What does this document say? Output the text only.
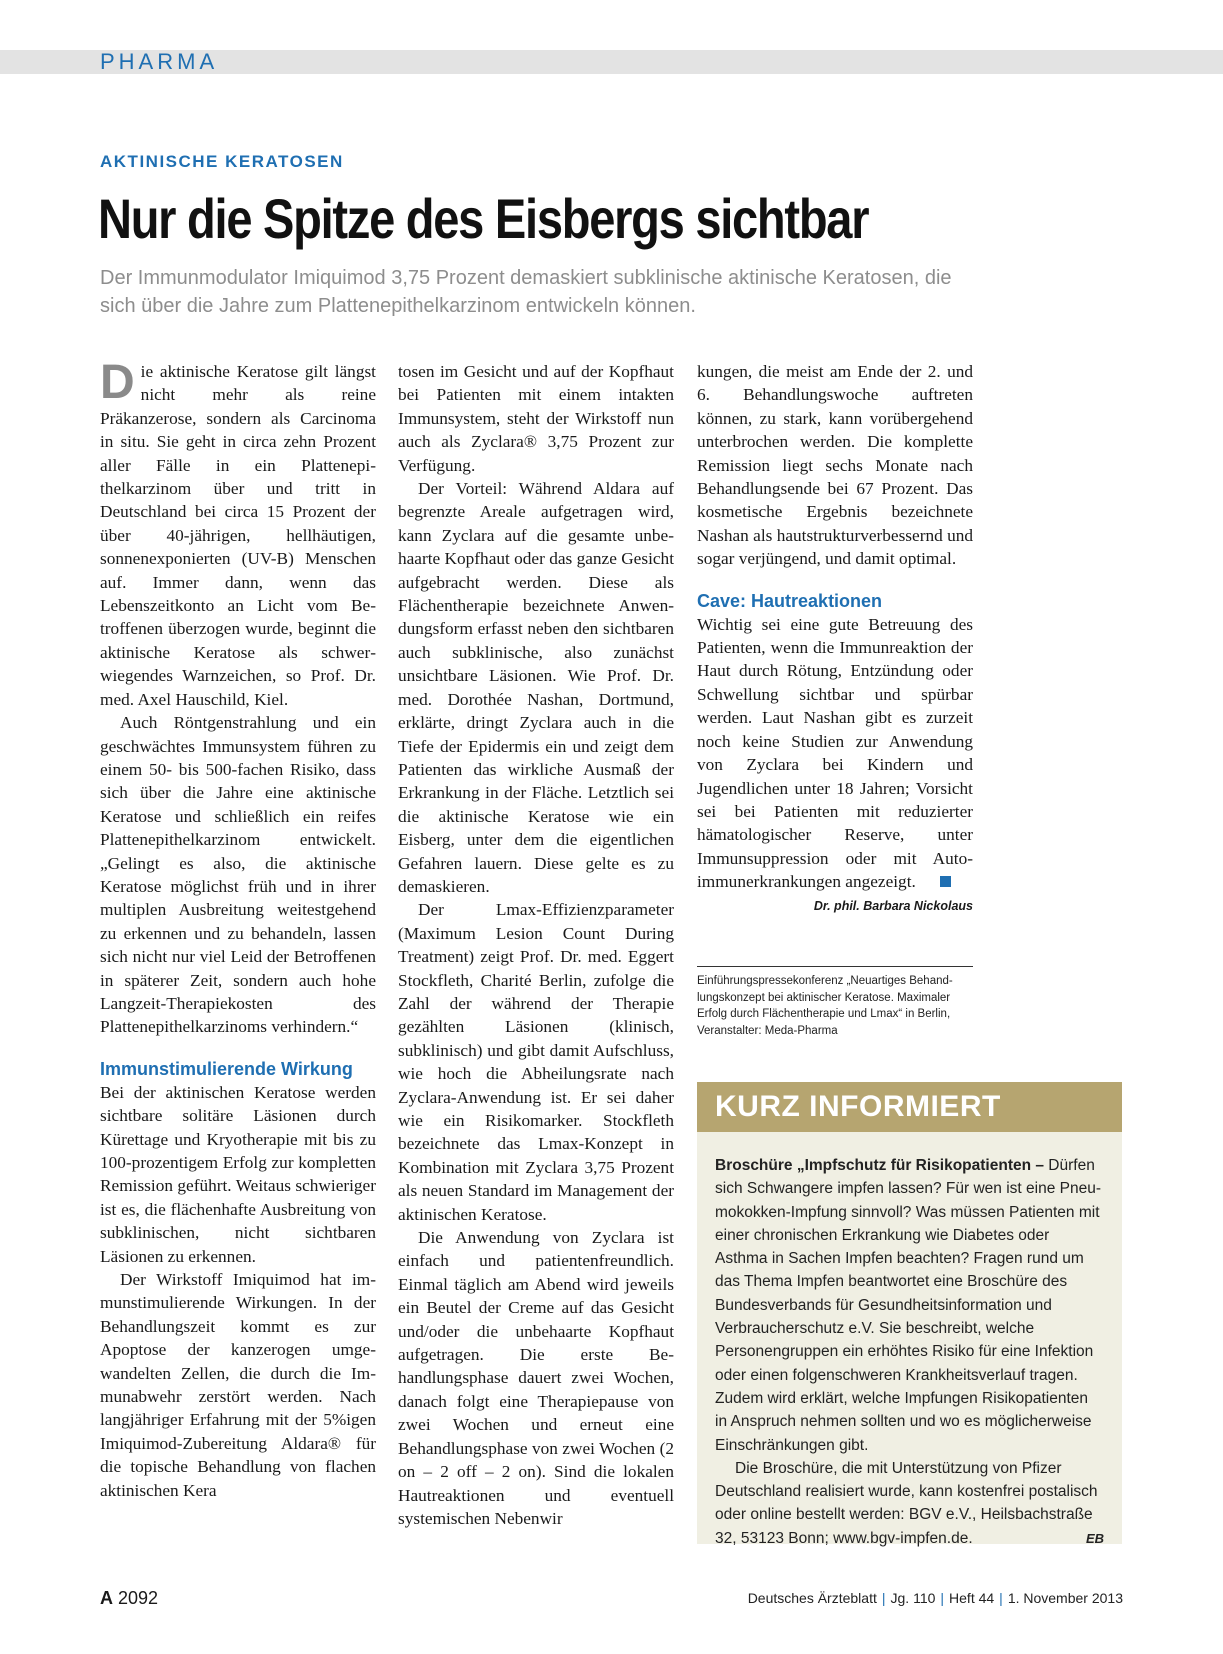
PHARMA
AKTINISCHE KERATOSEN
Nur die Spitze des Eisbergs sichtbar

Der Immunmodulator Imiquimod 3,75 Prozent demaskiert subklinische aktinische Keratosen, die sich über die Jahre zum Plattenepithelkarzinom entwickeln können.

Die aktinische Keratose gilt längst nicht mehr als reine Präkanzerose, sondern als Carcinoma in situ. Sie geht in circa zehn Prozent aller Fälle in ein Plattenepithelkarzinom über und tritt in Deutschland bei circa 15 Prozent der über 40-jährigen, hellhäutigen, sonnenexponierten (UV-B) Menschen auf. Immer dann, wenn das Lebenszeitkonto an Licht vom Betroffenen überzogen wurde, beginnt die aktinische Keratose als schwerwiegendes Warnzeichen, so Prof. Dr. med. Axel Hauschild, Kiel.

Auch Röntgenstrahlung und ein geschwächtes Immunsystem führen zu einem 50- bis 500-fachen Risiko, dass sich über die Jahre eine aktinische Keratose und schließlich ein reifes Plattenepithelkarzinom entwickelt. „Gelingt es also, die aktinische Keratose möglichst früh und in ihrer multiplen Ausbreitung weitestgehend zu erkennen und zu behandeln, lassen sich nicht nur viel Leid der Betroffenen in späterer Zeit, sondern auch hohe Langzeit-Therapiekosten des Plattenepithelkarzinoms verhindern.“

Immunstimulierende Wirkung

Bei der aktinischen Keratose werden sichtbare solitäre Läsionen durch Kürettage und Kryotherapie mit bis zu 100-prozentigem Erfolg zur kompletten Remission geführt. Weitaus schwieriger ist es, die flächenhafte Ausbreitung von subklinischen, nicht sichtbaren Läsionen zu erkennen.

Der Wirkstoff Imiquimod hat immunstimulierende Wirkungen. In der Behandlungszeit kommt es zur Apoptose der kanzerogen umgewandelten Zellen, die durch die Immunabwehr zerstört werden. Nach langjähriger Erfahrung mit der 5%igen Imiquimod-Zubereitung Aldara® für die topische Behandlung von flachen aktinischen Kera

tosen im Gesicht und auf der Kopfhaut bei Patienten mit einem intakten Immunsystem, steht der Wirkstoff nun auch als Zyclara® 3,75 Prozent zur Verfügung.

Der Vorteil: Während Aldara auf begrenzte Areale aufgetragen wird, kann Zyclara auf die gesamte unbehaarte Kopfhaut oder das ganze Gesicht aufgebracht werden. Diese als Flächentherapie bezeichnete Anwendungsform erfasst neben den sichtbaren auch subklinische, also zunächst unsichtbare Läsionen. Wie Prof. Dr. med. Dorothée Nashan, Dortmund, erklärte, dringt Zyclara auch in die Tiefe der Epidermis ein und zeigt dem Patienten das wirkliche Ausmaß der Erkrankung in der Fläche. Letztlich sei die aktinische Keratose wie ein Eisberg, unter dem die eigentlichen Gefahren lauern. Diese gelte es zu demaskieren.

Der Lmax-Effizienzparameter (Maximum Lesion Count During Treatment) zeigt Prof. Dr. med. Eggert Stockfleth, Charité Berlin, zufolge die Zahl der während der Therapie gezählten Läsionen (klinisch, subklinisch) und gibt damit Aufschluss, wie hoch die Abheilungsrate nach Zyclara-Anwendung ist. Er sei daher wie ein Risikomarker. Stockfleth bezeichnete das Lmax-Konzept in Kombination mit Zyclara 3,75 Prozent als neuen Standard im Management der aktinischen Keratose.

Die Anwendung von Zyclara ist einfach und patientenfreundlich. Einmal täglich am Abend wird jeweils ein Beutel der Creme auf das Gesicht und/oder die unbehaarte Kopfhaut aufgetragen. Die erste Behandlungsphase dauert zwei Wochen, danach folgt eine Therapiepause von zwei Wochen und erneut eine Behandlungsphase von zwei Wochen (2 on – 2 off – 2 on). Sind die lokalen Hautreaktionen und eventuell systemischen Nebenwir

kungen, die meist am Ende der 2. und 6. Behandlungswoche auftreten können, zu stark, kann vorübergehend unterbrochen werden. Die komplette Remission liegt sechs Monate nach Behandlungsende bei 67 Prozent. Das kosmetische Ergebnis bezeichnete Nashan als hautstrukturverbessernd und sogar verjüngend, und damit optimal.

Cave: Hautreaktionen

Wichtig sei eine gute Betreuung des Patienten, wenn die Immunreaktion der Haut durch Rötung, Entzündung oder Schwellung sichtbar und spürbar werden. Laut Nashan gibt es zurzeit noch keine Studien zur Anwendung von Zyclara bei Kindern und Jugendlichen unter 18 Jahren; Vorsicht sei bei Patienten mit reduzierter hämatologischer Reserve, unter Immunsuppression oder mit Autoimmunerkrankungen angezeigt.

Dr. phil. Barbara Nickolaus
Einführungspressekonferenz „Neuartiges Behandlungskonzept bei aktinischer Keratose. Maximaler Erfolg durch Flächentherapie und Lmax“ in Berlin, Veranstalter: Meda-Pharma
KURZ INFORMIERT

Broschüre „Impfschutz für Risikopatienten – Dürfen sich Schwangere impfen lassen? Für wen ist eine Pneumokokken-Impfung sinnvoll? Was müssen Patienten mit einer chronischen Erkrankung wie Diabetes oder Asthma in Sachen Impfen beachten? Fragen rund um das Thema Impfen beantwortet eine Broschüre des Bundesverbands für Gesundheitsinformation und Verbraucherschutz e.V. Sie beschreibt, welche Personengruppen ein erhöhtes Risiko für eine Infektion oder einen folgenschweren Krankheitsverlauf tragen. Zudem wird erklärt, welche Impfungen Risikopatienten in Anspruch nehmen sollten und wo es möglicherweise Einschränkungen gibt.

Die Broschüre, die mit Unterstützung von Pfizer Deutschland realisiert wurde, kann kostenfrei postalisch oder online bestellt werden: BGV e.V., Heilsbachstraße 32, 53123 Bonn; www.bgv-impfen.de.	EB

A 2092	Deutsches Ärzteblatt | Jg. 110 | Heft 44 | 1. November 2013
